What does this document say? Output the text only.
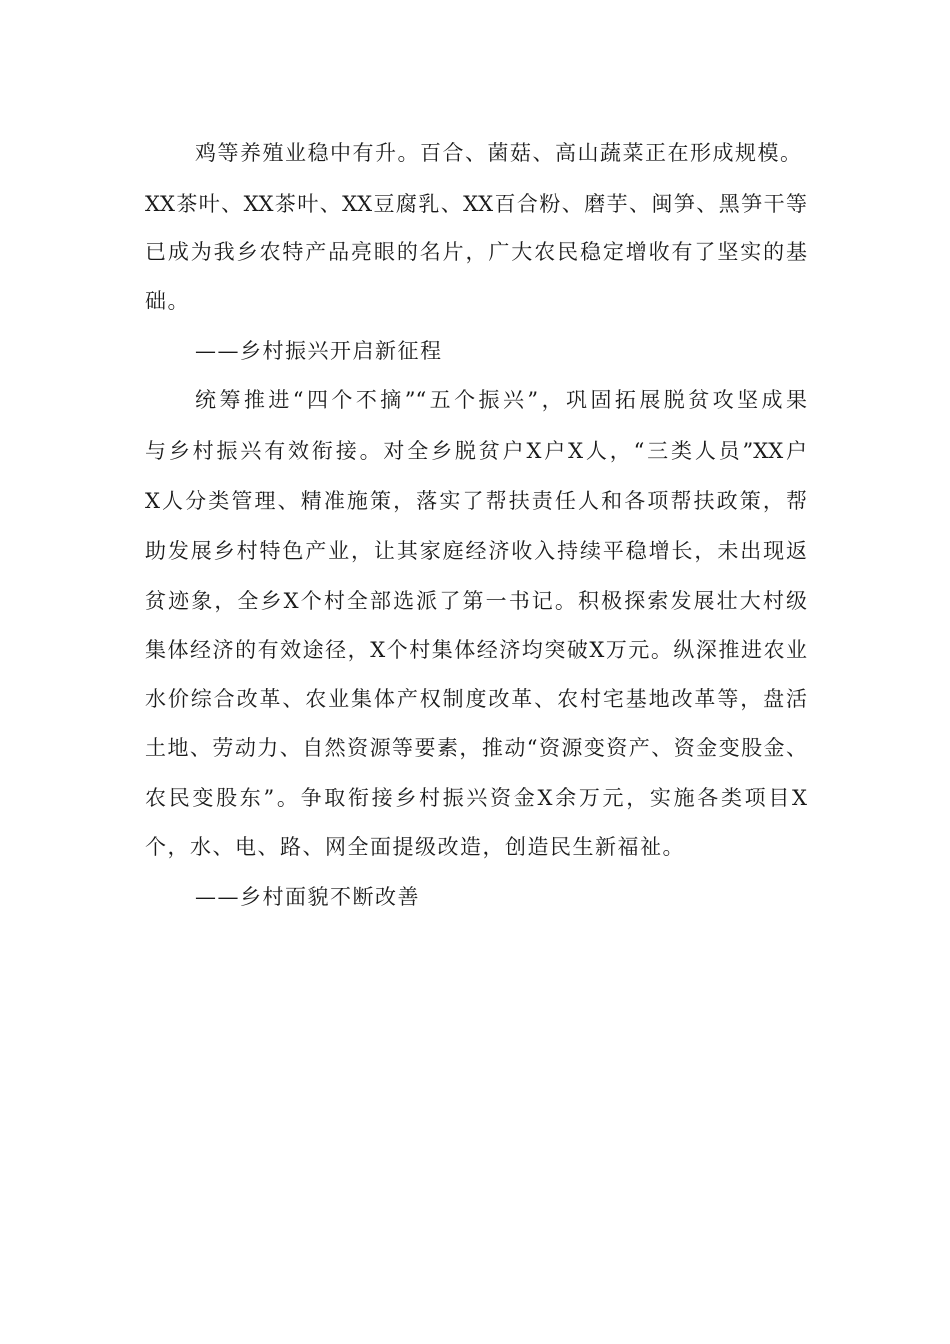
鸡等养殖业稳中有升。百合、菌菇、高山蔬菜正在形成规模。
XX茶叶、XX茶叶、XX豆腐乳、XX百合粉、磨芋、闽笋、黑笋干等
已成为我乡农特产品亮眼的名片，广大农民稳定增收有了坚实的基
础。
——乡村振兴开启新征程
统筹推进“四个不摘”“五个振兴”，巩固拓展脱贫攻坚成果
与乡村振兴有效衔接。对全乡脱贫户X户X人，“三类人员”XX户
X人分类管理、精准施策，落实了帮扶责任人和各项帮扶政策，帮
助发展乡村特色产业，让其家庭经济收入持续平稳增长，未出现返
贫迹象，全乡X个村全部选派了第一书记。积极探索发展壮大村级
集体经济的有效途径，X个村集体经济均突破X万元。纵深推进农业
水价综合改革、农业集体产权制度改革、农村宅基地改革等，盘活
土地、劳动力、自然资源等要素，推动“资源变资产、资金变股金、
农民变股东”。争取衔接乡村振兴资金X余万元，实施各类项目X
个，水、电、路、网全面提级改造，创造民生新福祉。
——乡村面貌不断改善
